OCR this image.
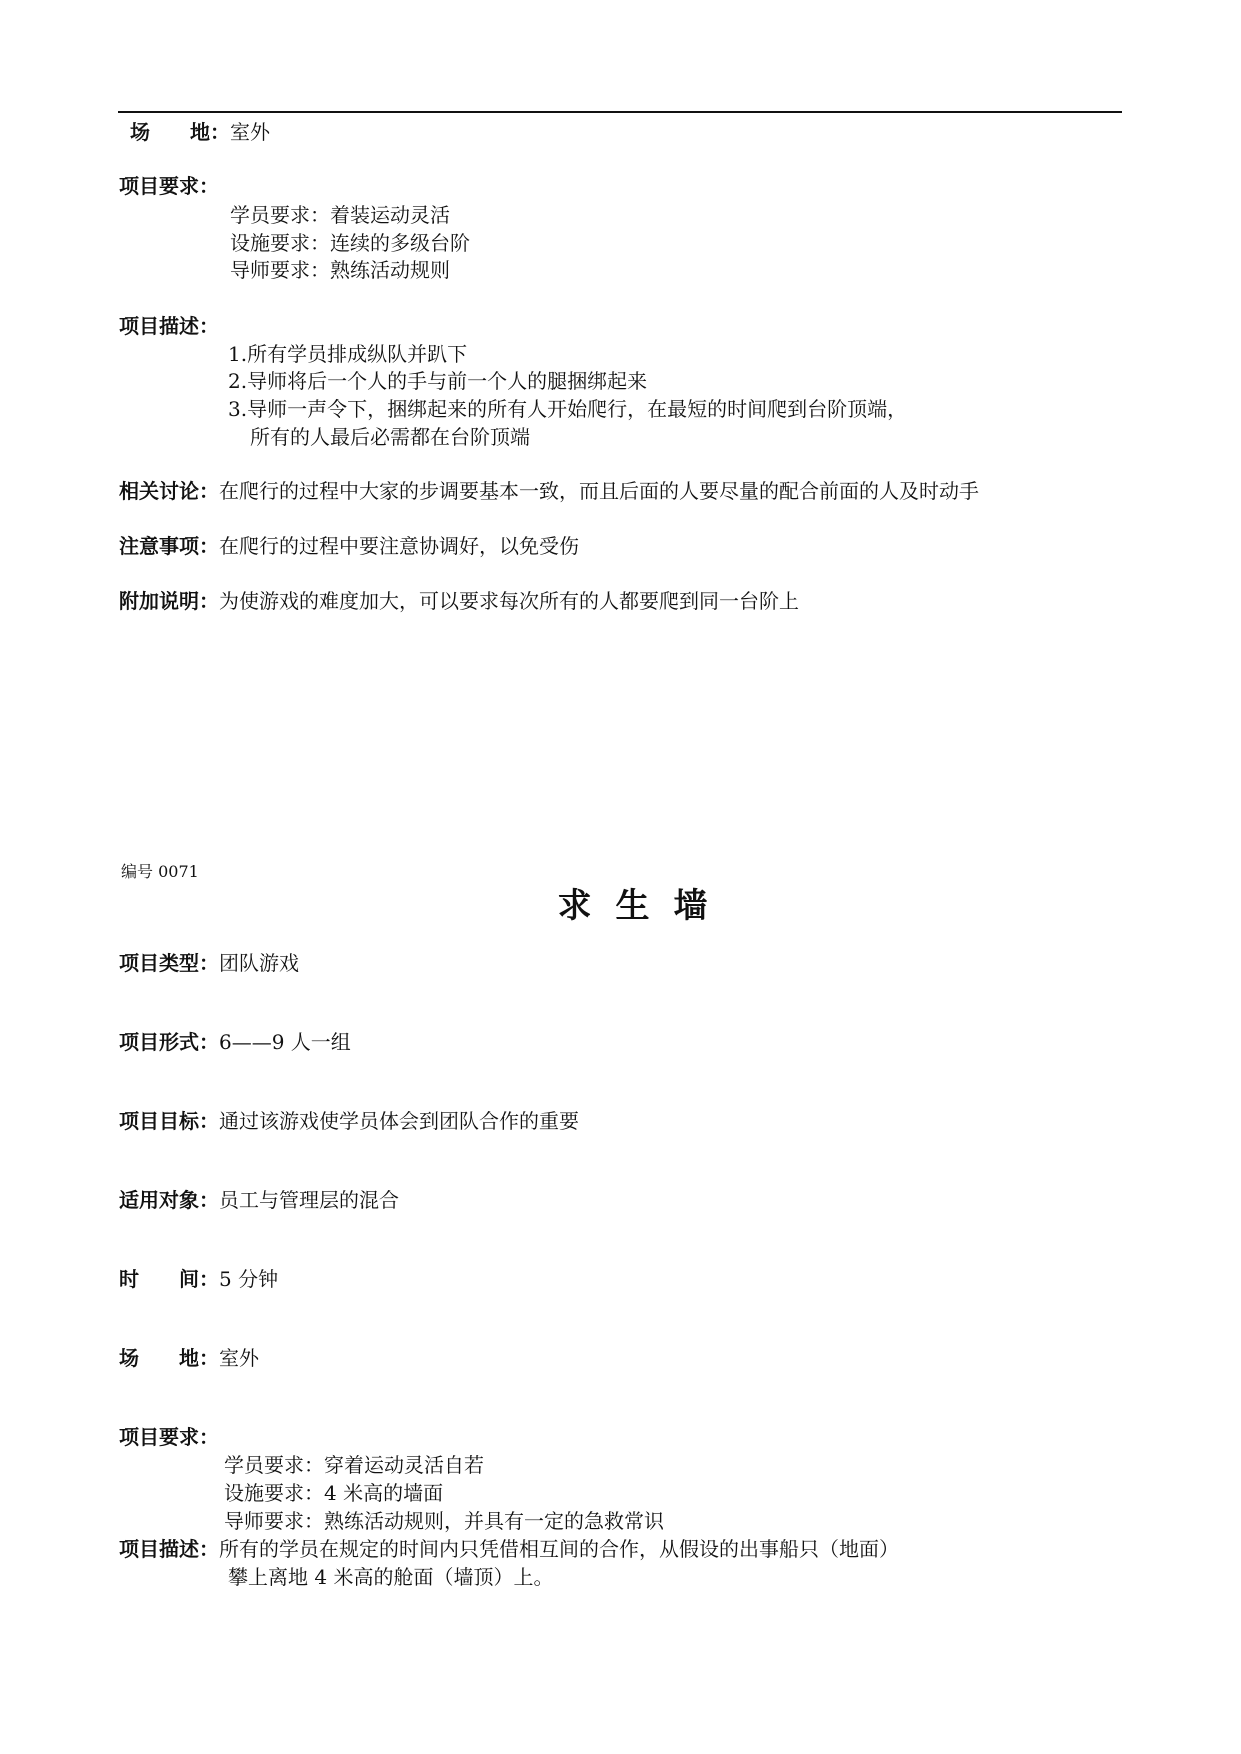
场　　地：室外
项目要求：
学员要求：着装运动灵活
设施要求：连续的多级台阶
导师要求：熟练活动规则
项目描述：
1.所有学员排成纵队并趴下
2.导师将后一个人的手与前一个人的腿捆绑起来
3.导师一声令下，捆绑起来的所有人开始爬行，在最短的时间爬到台阶顶端，
所有的人最后必需都在台阶顶端
相关讨论：在爬行的过程中大家的步调要基本一致，而且后面的人要尽量的配合前面的人及时动手
注意事项：在爬行的过程中要注意协调好，以免受伤
附加说明：为使游戏的难度加大，可以要求每次所有的人都要爬到同一台阶上
编号 0071
求生墙
项目类型：团队游戏
项目形式：6——9 人一组
项目目标：通过该游戏使学员体会到团队合作的重要
适用对象：员工与管理层的混合
时　　间：5 分钟
场　　地：室外
项目要求：
学员要求：穿着运动灵活自若
设施要求：4 米高的墙面
导师要求：熟练活动规则，并具有一定的急救常识
项目描述：所有的学员在规定的时间内只凭借相互间的合作，从假设的出事船只（地面）
攀上离地 4 米高的舱面（墙顶）上。
